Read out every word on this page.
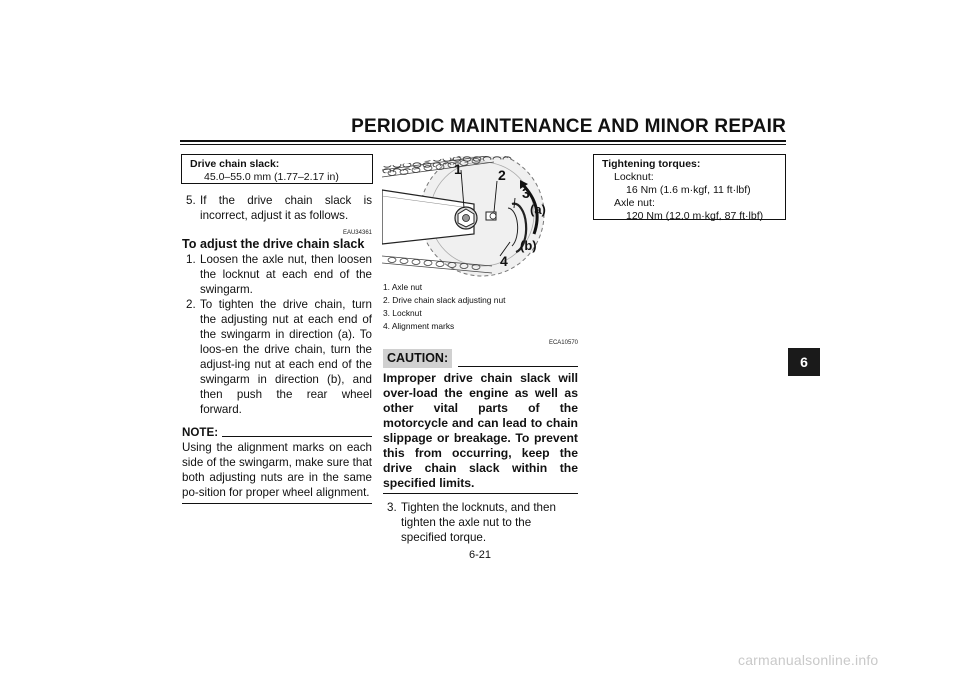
PERIODIC MAINTENANCE AND MINOR REPAIR
6
Drive chain slack:
45.0–55.0 mm (1.77–2.17 in)
5. If the drive chain slack is incorrect, adjust it as follows.
EAU34361
To adjust the drive chain slack
1. Loosen the axle nut, then loosen the locknut at each end of the swingarm.
2. To tighten the drive chain, turn the adjusting nut at each end of the swingarm in direction (a). To loos-en the drive chain, turn the adjust-ing nut at each end of the swingarm in direction (b), and then push the rear wheel forward.
NOTE:
Using the alignment marks on each side of the swingarm, make sure that both adjusting nuts are in the same po-sition for proper wheel alignment.
1	2
3
(a)
(b)
4
1. Axle nut
2. Drive chain slack adjusting nut
3. Locknut
4. Alignment marks
ECA10570
CAUTION:
Improper drive chain slack will over-load the engine as well as other vital parts of the motorcycle and can lead to chain slippage or breakage. To prevent this from occurring, keep the drive chain slack within the specified limits.
3. Tighten the locknuts, and then tighten the axle nut to the specified torque.
Tightening torques:
Locknut:
16 Nm (1.6 m·kgf, 11 ft·lbf)
Axle nut:
120 Nm (12.0 m·kgf, 87 ft·lbf)
6-21
carmanualsonline.info
